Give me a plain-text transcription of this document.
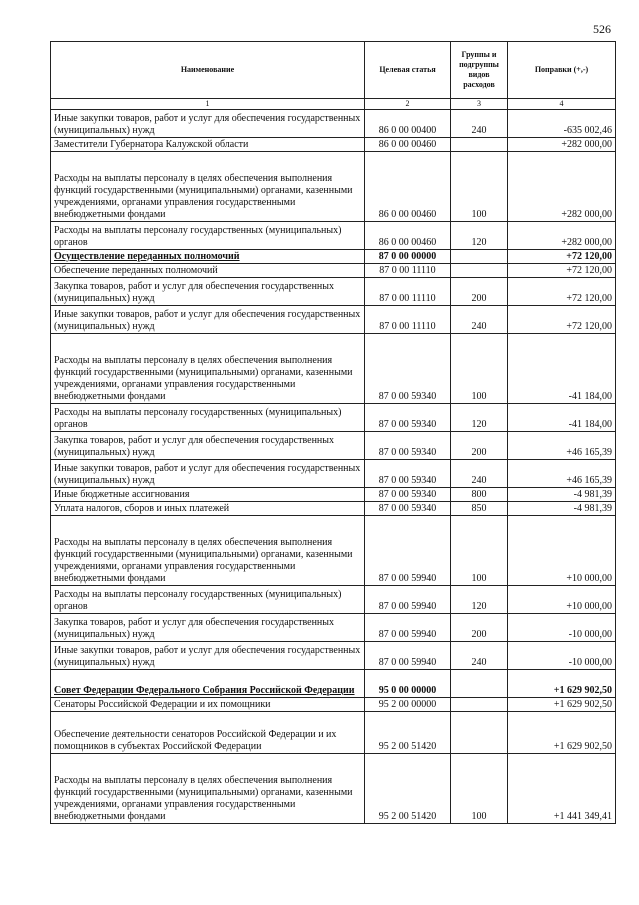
526
Наименование	Целевая статья	Группы и подгруппы видов расходов	Поправки (+,-)
1	2	3	4
Иные закупки товаров, работ и услуг для обеспечения государственных (муниципальных) нужд	86 0 00 00400	240	-635 002,46
Заместители Губернатора Калужской области	86 0 00 00460		+282 000,00
Расходы на выплаты персоналу в целях обеспечения выполнения функций государственными (муниципальными) органами, казенными учреждениями, органами управления государственными внебюджетными фондами	86 0 00 00460	100	+282 000,00
Расходы на выплаты персоналу государственных (муниципальных) органов	86 0 00 00460	120	+282 000,00
Осуществление переданных полномочий	87 0 00 00000		+72 120,00
Обеспечение переданных полномочий	87 0 00 11110		+72 120,00
Закупка товаров, работ и услуг для обеспечения государственных (муниципальных) нужд	87 0 00 11110	200	+72 120,00
Иные закупки товаров, работ и услуг для обеспечения государственных (муниципальных) нужд	87 0 00 11110	240	+72 120,00
Расходы на выплаты персоналу в целях обеспечения выполнения функций государственными (муниципальными) органами, казенными учреждениями, органами управления государственными внебюджетными фондами	87 0 00 59340	100	-41 184,00
Расходы на выплаты персоналу государственных (муниципальных) органов	87 0 00 59340	120	-41 184,00
Закупка товаров, работ и услуг для обеспечения государственных (муниципальных) нужд	87 0 00 59340	200	+46 165,39
Иные закупки товаров, работ и услуг для обеспечения государственных (муниципальных) нужд	87 0 00 59340	240	+46 165,39
Иные бюджетные ассигнования	87 0 00 59340	800	-4 981,39
Уплата налогов, сборов и иных платежей	87 0 00 59340	850	-4 981,39
Расходы на выплаты персоналу в целях обеспечения выполнения функций государственными (муниципальными) органами, казенными учреждениями, органами управления государственными внебюджетными фондами	87 0 00 59940	100	+10 000,00
Расходы на выплаты персоналу государственных (муниципальных) органов	87 0 00 59940	120	+10 000,00
Закупка товаров, работ и услуг для обеспечения государственных (муниципальных) нужд	87 0 00 59940	200	-10 000,00
Иные закупки товаров, работ и услуг для обеспечения государственных (муниципальных) нужд	87 0 00 59940	240	-10 000,00
Совет Федерации Федерального Собрания Российской Федерации	95 0 00 00000		+1 629 902,50
Сенаторы Российской Федерации и их помощники	95 2 00 00000		+1 629 902,50
Обеспечение деятельности сенаторов Российской Федерации и их помощников в субъектах Российской Федерации	95 2 00 51420		+1 629 902,50
Расходы на выплаты персоналу в целях обеспечения выполнения функций государственными (муниципальными) органами, казенными учреждениями, органами управления государственными внебюджетными фондами	95 2 00 51420	100	+1 441 349,41
